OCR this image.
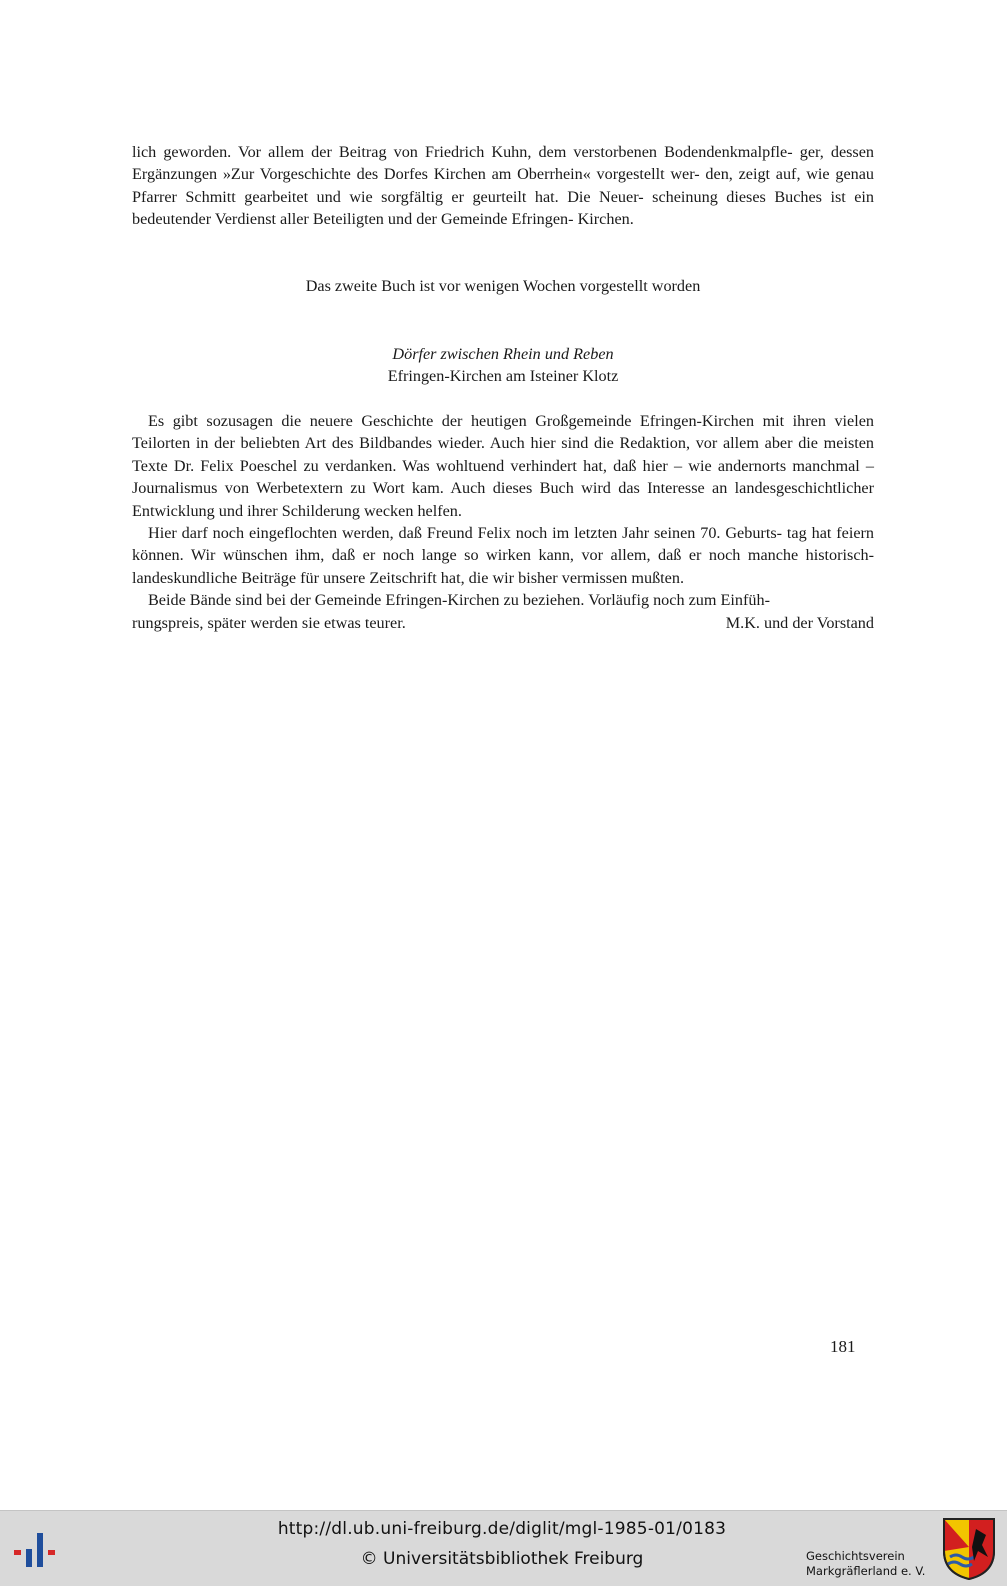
lich geworden. Vor allem der Beitrag von Friedrich Kuhn, dem verstorbenen Bodendenkmalpfle- ger, dessen Ergänzungen »Zur Vorgeschichte des Dorfes Kirchen am Oberrhein« vorgestellt wer- den, zeigt auf, wie genau Pfarrer Schmitt gearbeitet und wie sorgfältig er geurteilt hat. Die Neuer- scheinung dieses Buches ist ein bedeutender Verdienst aller Beteiligten und der Gemeinde Efringen- Kirchen.

Das zweite Buch ist vor wenigen Wochen vorgestellt worden
Dörfer zwischen Rhein und Reben
Efringen-Kirchen am Isteiner Klotz

Es gibt sozusagen die neuere Geschichte der heutigen Großgemeinde Efringen-Kirchen mit ihren vielen Teilorten in der beliebten Art des Bildbandes wieder. Auch hier sind die Redaktion, vor allem aber die meisten Texte Dr. Felix Poeschel zu verdanken. Was wohltuend verhindert hat, daß hier – wie andernorts manchmal – Journalismus von Werbetextern zu Wort kam. Auch dieses Buch wird das Interesse an landesgeschichtlicher Entwicklung und ihrer Schilderung wecken helfen.

Hier darf noch eingeflochten werden, daß Freund Felix noch im letzten Jahr seinen 70. Geburts- tag hat feiern können. Wir wünschen ihm, daß er noch lange so wirken kann, vor allem, daß er noch manche historisch-landeskundliche Beiträge für unsere Zeitschrift hat, die wir bisher vermissen mußten.

Beide Bände sind bei der Gemeinde Efringen-Kirchen zu beziehen. Vorläufig noch zum Einfüh-

rungspreis, später werden sie etwas teurer.	M.K. und der Vorstand
181
http://dl.ub.uni-freiburg.de/diglit/mgl-1985-01/0183
© Universitätsbibliothek Freiburg	Geschichtsverein
Markgräflerland e. V.
